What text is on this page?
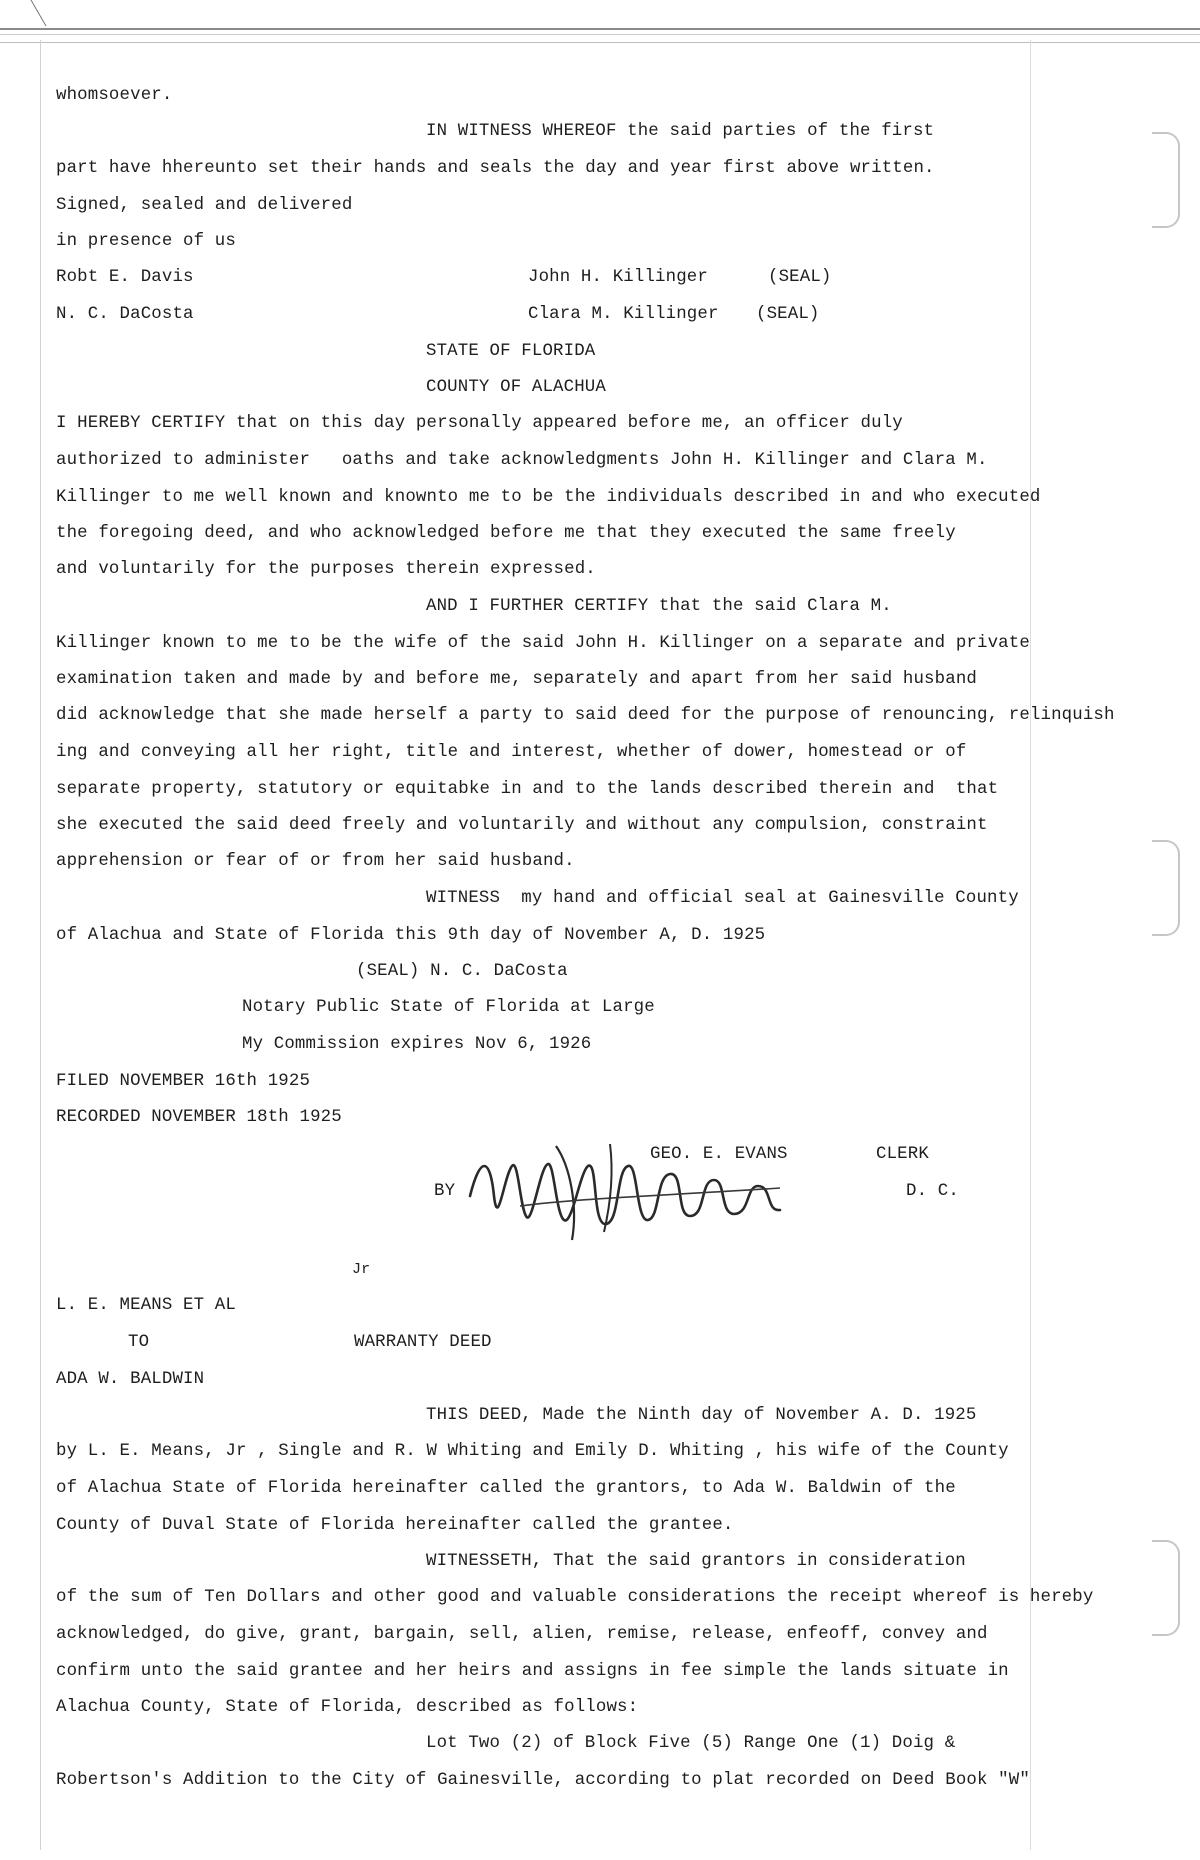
whomsoever.
IN WITNESS WHEREOF the said parties of the first
part have hhereunto set their hands and seals the day and year first above written.
Signed, sealed and delivered
in presence of us
Robt E. Davis	John H. Killinger	(SEAL)
N. C. DaCosta	Clara M. Killinger (SEAL)
STATE OF FLORIDA
COUNTY OF ALACHUA
I HEREBY CERTIFY that on this day personally appeared before me, an officer duly
authorized to administer   oaths and take acknowledgments John H. Killinger and Clara M.
Killinger to me well known and knownto me to be the individuals described in and who executed
the foregoing deed, and who acknowledged before me that they executed the same freely
and voluntarily for the purposes therein expressed.
AND I FURTHER CERTIFY that the said Clara M.
Killinger known to me to be the wife of the said John H. Killinger on a separate and private
examination taken and made by and before me, separately and apart from her said husband
did acknowledge that she made herself a party to said deed for the purpose of renouncing, relinquish
ing and conveying all her right, title and interest, whether of dower, homestead or of
separate property, statutory or equitabke in and to the lands described therein and  that
she executed the said deed freely and voluntarily and without any compulsion, constraint
apprehension or fear of or from her said husband.
WITNESS  my hand and official seal at Gainesville County
of Alachua and State of Florida this 9th day of November A, D. 1925
(SEAL) N. C. DaCosta
Notary Public State of Florida at Large
My Commission expires Nov 6, 1926
FILED NOVEMBER 16th 1925
RECORDED NOVEMBER 18th 1925
GEO. E. EVANS	CLERK
BY	D. C.
Jr
L. E. MEANS ET AL
TO	WARRANTY DEED
ADA W. BALDWIN
THIS DEED, Made the Ninth day of November A. D. 1925
by L. E. Means, Jr , Single and R. W Whiting and Emily D. Whiting , his wife of the County
of Alachua State of Florida hereinafter called the grantors, to Ada W. Baldwin of the
County of Duval State of Florida hereinafter called the grantee.
WITNESSETH, That the said grantors in consideration
of the sum of Ten Dollars and other good and valuable considerations the receipt whereof is hereby
acknowledged, do give, grant, bargain, sell, alien, remise, release, enfeoff, convey and
confirm unto the said grantee and her heirs and assigns in fee simple the lands situate in
Alachua County, State of Florida, described as follows:
Lot Two (2) of Block Five (5) Range One (1) Doig &
Robertson's Addition to the City of Gainesville, according to plat recorded on Deed Book "W"
